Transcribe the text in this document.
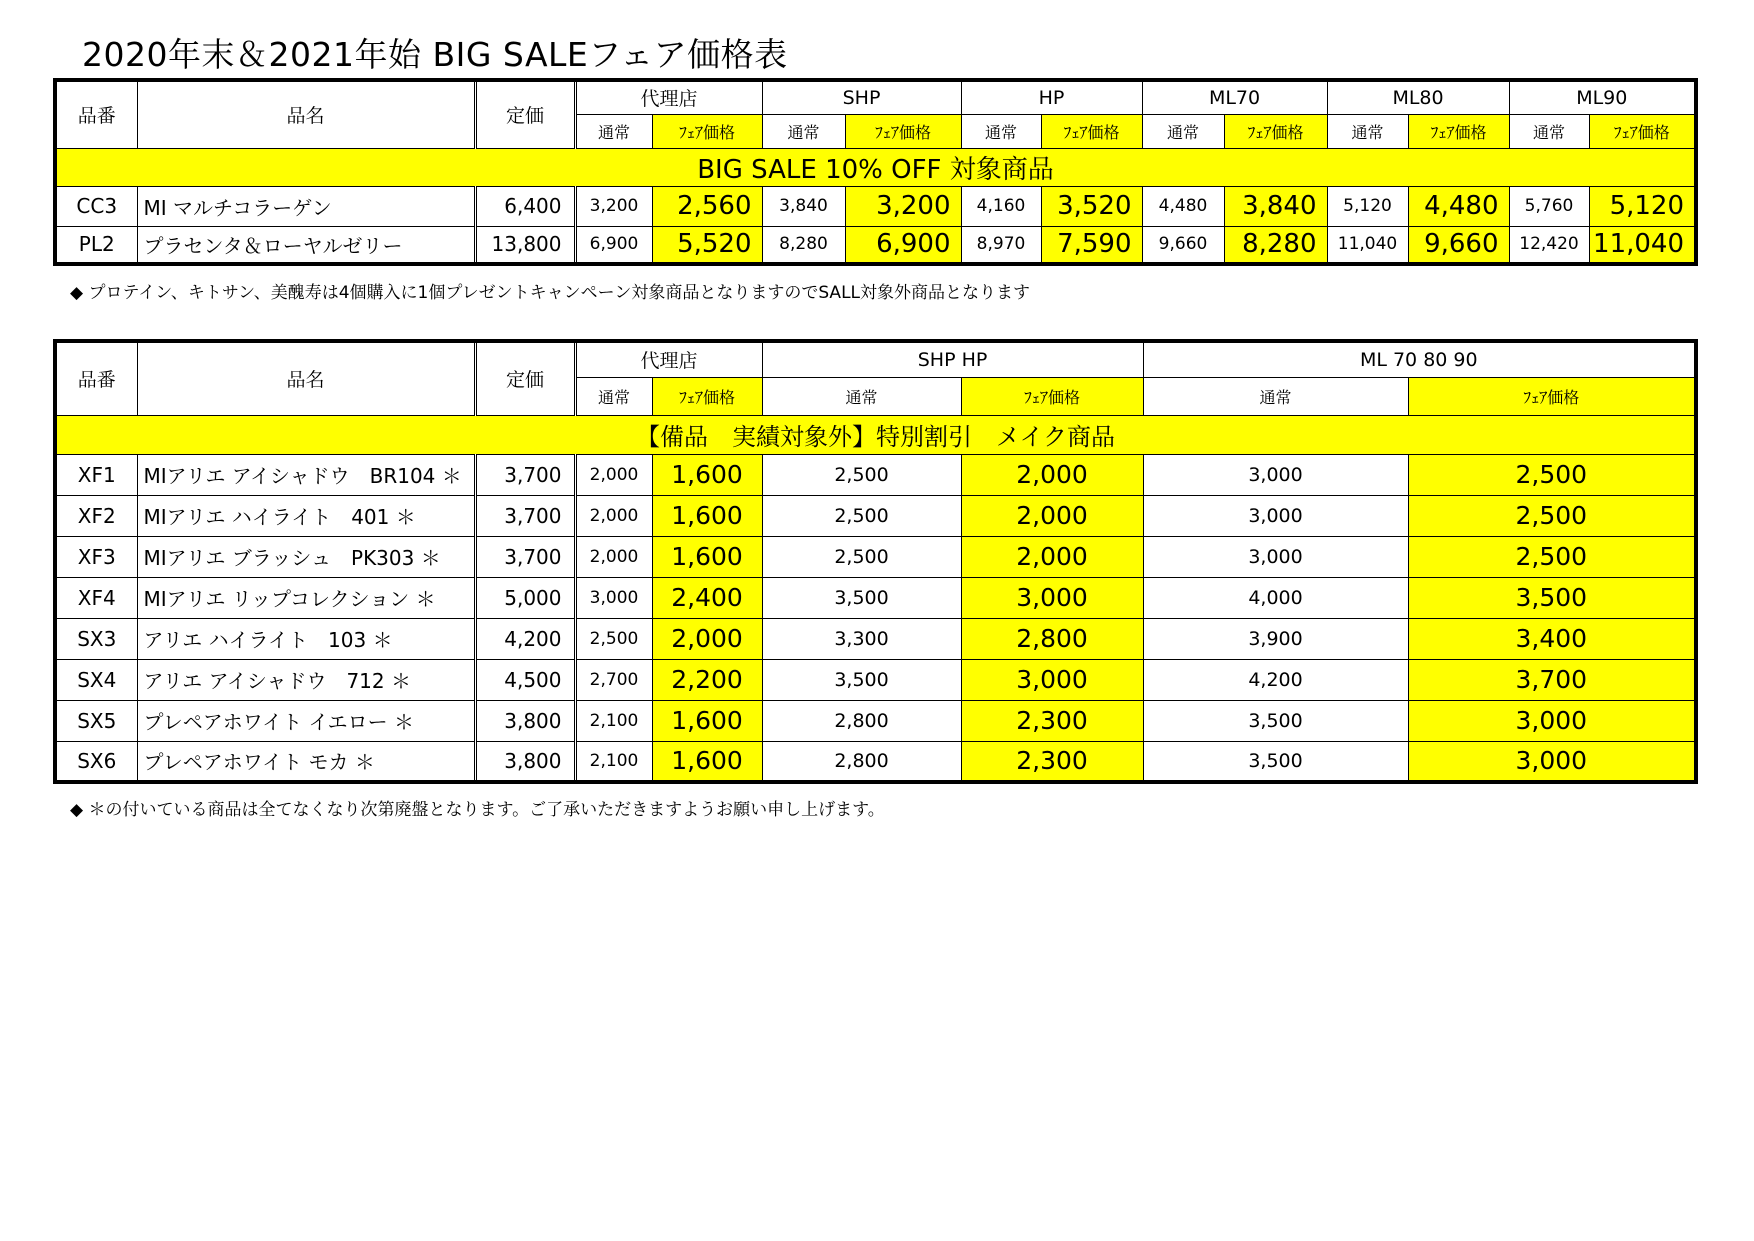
2020年末＆2021年始 BIG SALEフェア価格表
品番	品名	定価	代理店		SHP		HP		ML70		ML80		ML90	
			通常	ﾌｪｱ価格	通常	ﾌｪｱ価格	通常	ﾌｪｱ価格	通常	ﾌｪｱ価格	通常	ﾌｪｱ価格	通常	ﾌｪｱ価格
BIG SALE 10% OFF 対象商品														
CC3	MI マルチコラーゲン	6,400	3,200	2,560	3,840	3,200	4,160	3,520	4,480	3,840	5,120	4,480	5,760	5,120
PL2	プラセンタ＆ローヤルゼリー	13,800	6,900	5,520	8,280	6,900	8,970	7,590	9,660	8,280	11,040	9,660	12,420	11,040
◆ プロテイン、キトサン、美醜寿は4個購入に1個プレゼントキャンペーン対象商品となりますのでSALL対象外商品となります
品番	品名	定価	代理店		SHP HP		ML 70 80 90	
			通常	ﾌｪｱ価格	通常	ﾌｪｱ価格	通常	ﾌｪｱ価格
【備品　実績対象外】特別割引　メイク商品								
XF1	MIアリエ アイシャドウ　BR104 ＊	3,700	2,000	1,600	2,500	2,000	3,000	2,500
XF2	MIアリエ ハイライト　401 ＊	3,700	2,000	1,600	2,500	2,000	3,000	2,500
XF3	MIアリエ ブラッシュ　PK303 ＊	3,700	2,000	1,600	2,500	2,000	3,000	2,500
XF4	MIアリエ リップコレクション ＊	5,000	3,000	2,400	3,500	3,000	4,000	3,500
SX3	アリエ ハイライト　103 ＊	4,200	2,500	2,000	3,300	2,800	3,900	3,400
SX4	アリエ アイシャドウ　712 ＊	4,500	2,700	2,200	3,500	3,000	4,200	3,700
SX5	プレペアホワイト イエロー ＊	3,800	2,100	1,600	2,800	2,300	3,500	3,000
SX6	プレペアホワイト モカ ＊	3,800	2,100	1,600	2,800	2,300	3,500	3,000
◆ ＊の付いている商品は全てなくなり次第廃盤となります。ご了承いただきますようお願い申し上げます。
